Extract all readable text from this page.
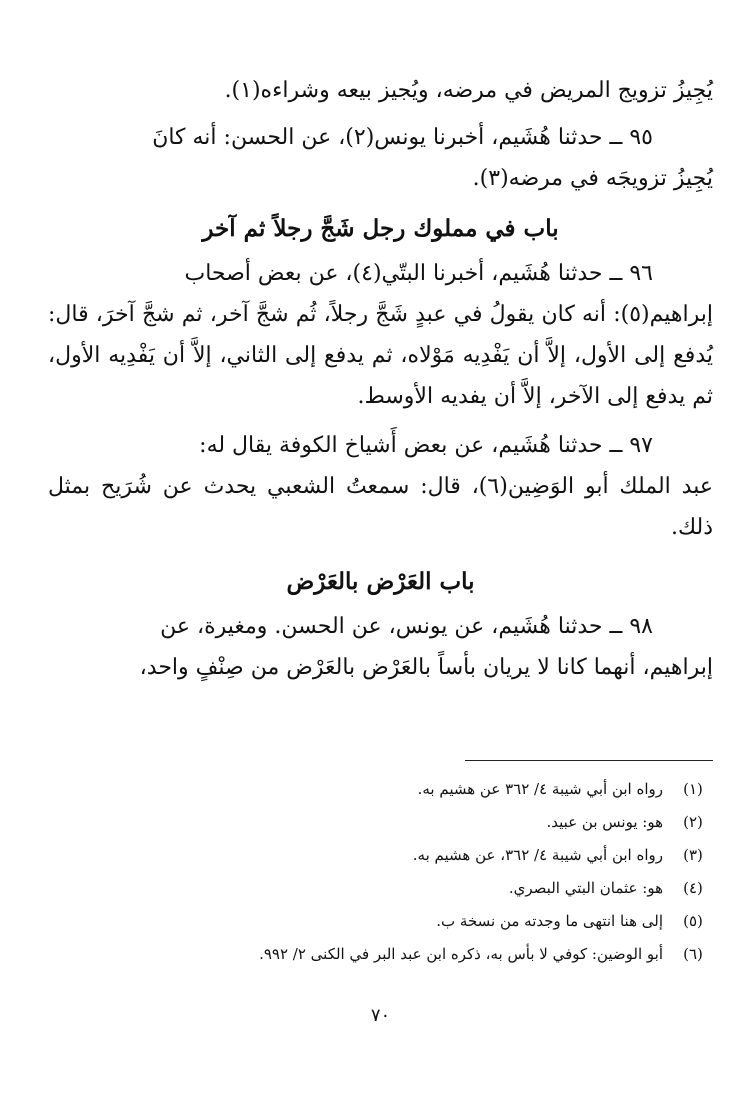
يُجِيزُ تزويج المريض في مرضه، ويُجيز بيعه وشراءه(١).

٩٥ ــ حدثنا هُشَيم، أخبرنا يونس(٢)، عن الحسن: أنه كانَ
يُجِيزُ تزويجَه في مرضه(٣).

باب في مملوك رجل شَجَّ رجلاً ثم آخر

٩٦ ــ حدثنا هُشَيم، أخبرنا البتّي(٤)، عن بعض أصحاب
إبراهيم(٥): أنه كان يقولُ في عبدٍ شَجَّ رجلاً، ثُم شجَّ آخر، ثم شجَّ آخرَ، قال: يُدفع إلى الأول، إلاَّ أن يَفْدِيه مَوْلاه، ثم يدفع إلى الثاني، إلاَّ أن يَفْدِيه الأول، ثم يدفع إلى الآخر، إلاَّ أن يفديه الأوسط.

٩٧ ــ حدثنا هُشَيم، عن بعض أَشياخ الكوفة يقال له:
عبد الملك أبو الوَضِين(٦)، قال: سمعتُ الشعبي يحدث عن شُرَيح بمثل ذلك.

باب العَرْض بالعَرْض

٩٨ ــ حدثنا هُشَيم، عن يونس، عن الحسن. ومغيرة، عن
إبراهيم، أنهما كانا لا يريان بأساً بالعَرْض بالعَرْض من صِنْفٍ واحد،

(١)
رواه ابن أبي شيبة ٤/ ٣٦٢ عن هشيم به.
(٢)
هو: يونس بن عبيد.
(٣)
رواه ابن أبي شيبة ٤/ ٣٦٢، عن هشيم به.
(٤)
هو: عثمان البتي البصري.
(٥)
إلى هنا انتهى ما وجدته من نسخة ب.
(٦)
أبو الوضين: كوفي لا بأس به، ذكره ابن عبد البر في الكنى ٢/ ٩٩٢.
٧٠
